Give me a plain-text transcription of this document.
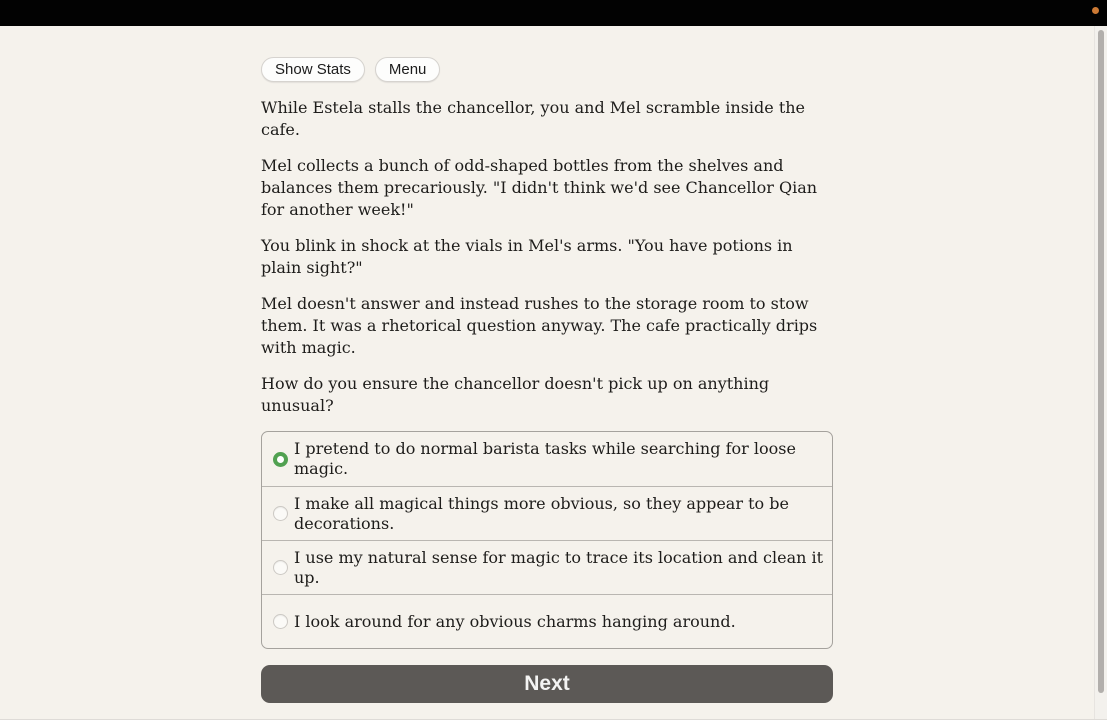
Show Stats	Menu

While Estela stalls the chancellor, you and Mel scramble inside the cafe.

Mel collects a bunch of odd-shaped bottles from the shelves and balances them precariously. "I didn't think we'd see Chancellor Qian for another week!"

You blink in shock at the vials in Mel's arms. "You have potions in plain sight?"

Mel doesn't answer and instead rushes to the storage room to stow them. It was a rhetorical question anyway. The cafe practically drips with magic.

How do you ensure the chancellor doesn't pick up on anything unusual?

I pretend to do normal barista tasks while searching for loose magic.
I make all magical things more obvious, so they appear to be decorations.
I use my natural sense for magic to trace its location and clean it up.
I look around for any obvious charms hanging around.
Next
